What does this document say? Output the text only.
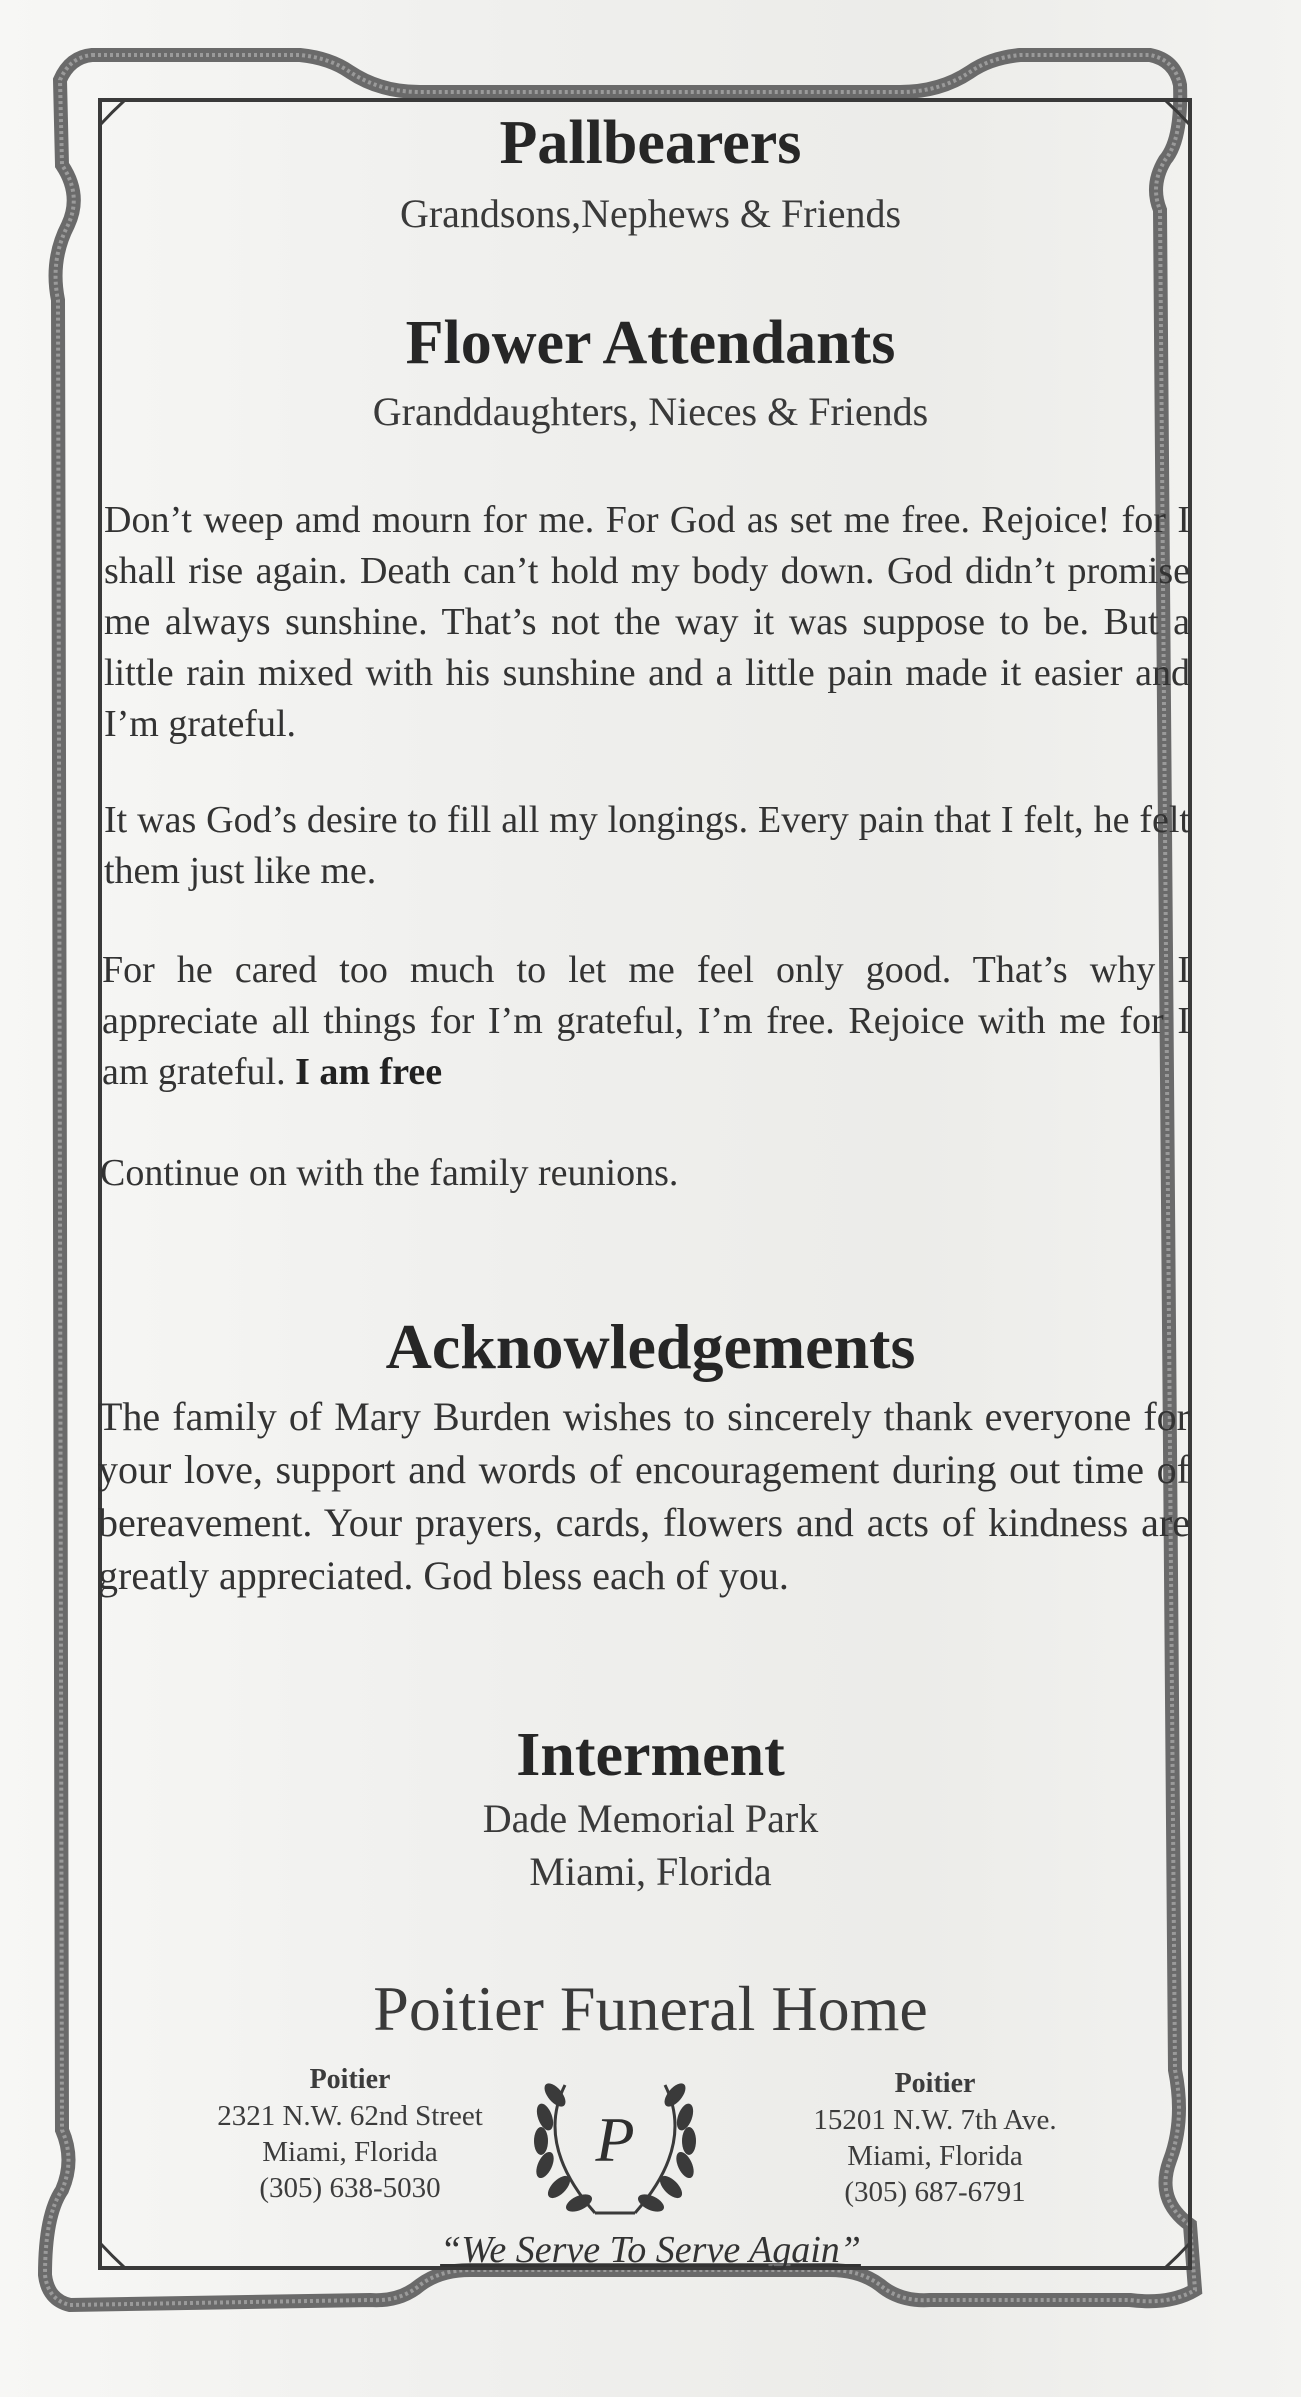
Pallbearers

Grandsons,Nephews & Friends

Flower Attendants

Granddaughters, Nieces & Friends

Don’t weep amd mourn for me. For God as set me free. Rejoice! for I shall rise again. Death can’t hold my body down. God didn’t promise me always sunshine. That’s not the way it was suppose to be. But a little rain mixed with his sunshine and a little pain made it easier and I’m grateful.

It was God’s desire to fill all my longings. Every pain that I felt, he felt them just like me.

For he cared too much to let me feel only good. That’s why I appreciate all things for I’m grateful, I’m free. Rejoice with me for I am grateful. I am free

Continue on with the family reunions.

Acknowledgements

The family of Mary Burden wishes to sincerely thank everyone for your love, support and words of encouragement during out time of bereavement. Your prayers, cards, flowers and acts of kindness are greatly appreciated. God bless each of you.

Interment

Dade Memorial Park

Miami, Florida

Poitier Funeral Home

Poitier
2321 N.W. 62nd Street
Miami, Florida
(305) 638-5030
P
Poitier
15201 N.W. 7th Ave.
Miami, Florida
(305) 687-6791

“We Serve To Serve Again”
